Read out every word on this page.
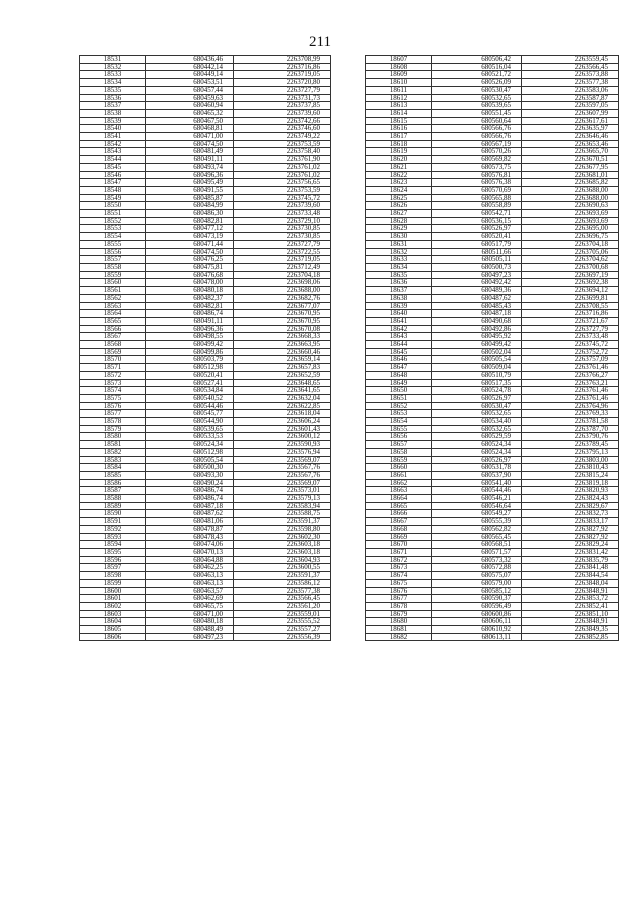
211
18531	680436,46	2263708,99
18532	680442,14	2263716,86
18533	680449,14	2263719,05
18534	680453,51	2263720,80
18535	680457,44	2263727,79
18536	680459,63	2263731,73
18537	680460,94	2263737,85
18538	680465,32	2263739,60
18539	680467,50	2263742,66
18540	680468,81	2263746,60
18541	680471,00	2263749,22
18542	680474,50	2263753,59
18543	680481,49	2263758,40
18544	680491,11	2263761,90
18545	680493,74	2263761,02
18546	680496,36	2263761,02
18547	680495,49	2263756,65
18548	680491,55	2263753,59
18549	680485,87	2263745,72
18550	680484,99	2263739,60
18551	680486,30	2263733,48
18552	680482,81	2263729,10
18553	680477,12	2263730,85
18554	680473,19	2263730,85
18555	680471,44	2263727,79
18556	680474,50	2263722,55
18557	680476,25	2263719,05
18558	680475,81	2263712,49
18559	680476,68	2263704,18
18560	680478,00	2263698,06
18561	680480,18	2263688,00
18562	680482,37	2263682,76
18563	680482,81	2263677,07
18564	680486,74	2263670,95
18565	680491,11	2263670,95
18566	680496,36	2263670,08
18567	680498,55	2263668,33
18568	680499,42	2263663,95
18569	680499,86	2263660,46
18570	680503,79	2263659,14
18571	680512,98	2263657,83
18572	680520,41	2263652,59
18573	680527,41	2263648,65
18574	680534,84	2263641,65
18575	680540,52	2263632,04
18576	680544,46	2263622,85
18577	680545,77	2263618,04
18578	680544,90	2263606,24
18579	680539,65	2263601,43
18580	680533,53	2263600,12
18581	680524,34	2263590,93
18582	680512,98	2263576,94
18583	680505,54	2263569,07
18584	680500,30	2263567,76
18585	680493,30	2263567,76
18586	680490,24	2263569,07
18587	680486,74	2263573,01
18588	680486,74	2263579,13
18589	680487,18	2263583,94
18590	680487,62	2263588,75
18591	680481,06	2263591,37
18592	680478,87	2263598,80
18593	680478,43	2263602,30
18594	680474,06	2263603,18
18595	680470,13	2263603,18
18596	680464,88	2263604,93
18597	680462,25	2263600,55
18598	680463,13	2263591,37
18599	680463,13	2263586,12
18600	680463,57	2263577,38
18601	680462,69	2263566,45
18602	680465,75	2263561,20
18603	680471,00	2263559,01
18604	680480,18	2263555,52
18605	680488,49	2263557,27
18606	680497,23	2263556,39
18607	680506,42	2263559,45
18608	680516,04	2263566,45
18609	680521,72	2263573,88
18610	680526,09	2263577,38
18611	680530,47	2263583,06
18612	680532,65	2263587,87
18613	680539,65	2263597,05
18614	680551,45	2263607,99
18615	680560,64	2263617,61
18616	680566,76	2263635,97
18617	680566,76	2263646,46
18618	680567,19	2263653,46
18619	680570,26	2263665,70
18620	680569,82	2263670,51
18621	680573,75	2263677,95
18622	680576,81	2263681,01
18623	680576,38	2263685,82
18624	680570,69	2263688,00
18625	680565,88	2263688,00
18626	680558,89	2263690,63
18627	680542,71	2263693,69
18628	680536,15	2263693,69
18629	680526,97	2263695,00
18630	680520,41	2263696,75
18631	680517,79	2263704,18
18632	680511,66	2263705,06
18633	680505,11	2263704,62
18634	680500,73	2263700,68
18635	680497,23	2263697,19
18636	680492,42	2263692,38
18637	680489,36	2263694,12
18638	680487,62	2263699,81
18639	680485,43	2263708,55
18640	680487,18	2263716,86
18641	680490,68	2263721,67
18642	680492,86	2263727,79
18643	680495,92	2263733,48
18644	680499,42	2263745,72
18645	680502,04	2263752,72
18646	680505,54	2263757,09
18647	680509,04	2263761,46
18648	680510,79	2263766,27
18649	680517,35	2263763,21
18650	680524,78	2263761,46
18651	680526,97	2263761,46
18652	680530,47	2263764,96
18653	680532,65	2263769,33
18654	680534,40	2263781,58
18655	680532,65	2263787,70
18656	680529,59	2263790,76
18657	680524,34	2263789,45
18658	680524,34	2263795,13
18659	680526,97	2263803,00
18660	680531,78	2263810,43
18661	680537,90	2263815,24
18662	680541,40	2263819,18
18663	680544,46	2263820,93
18664	680546,21	2263824,43
18665	680546,64	2263829,67
18666	680549,27	2263832,73
18667	680555,39	2263833,17
18668	680562,82	2263827,92
18669	680565,45	2263827,92
18670	680568,51	2263829,24
18671	680571,57	2263831,42
18672	680573,32	2263835,79
18673	680572,88	2263841,48
18674	680575,07	2263844,54
18675	680579,00	2263848,04
18676	680585,12	2263848,91
18677	680590,37	2263853,72
18678	680596,49	2263852,41
18679	680600,86	2263851,10
18680	680606,11	2263848,91
18681	680610,92	2263849,35
18682	680613,11	2263852,85
